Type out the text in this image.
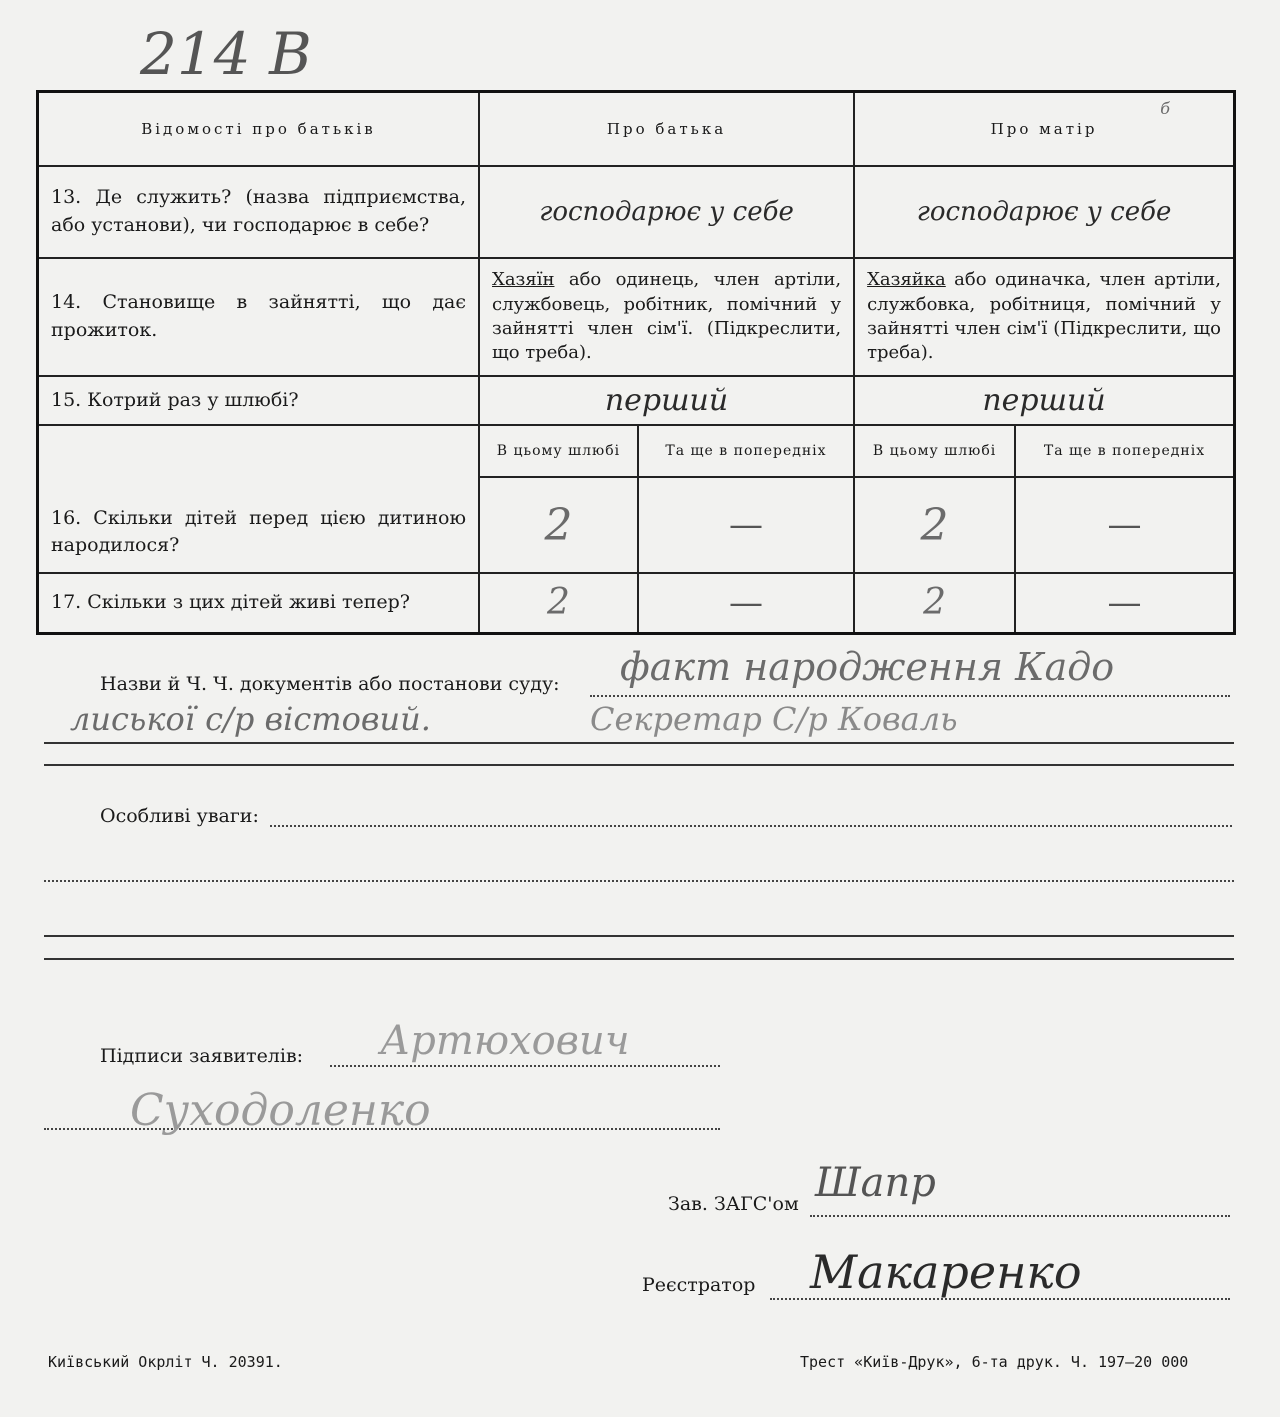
214 В
Відомості про батьків	Про батька		Про матір
б	

13. Де служить? (назва підприємства, або установи), чи господарює в себе?	господарює у себе		господарює у себе	
14. Становище в зайнятті, що дає прожиток.	Хазяїн або одинець, член артіли, службовець, робітник, помічний у зайнятті член сім'ї. (Підкреслити, що треба).		Хазяйка або одиначка, член артіли, службовка, робітниця, помічний у зайнятті член сім'ї (Підкреслити, що треба).	
15. Котрий раз у шлюбі?	перший		перший	
16. Скільки дітей перед цією дитиною народилося?	В цьому шлюбі	Та ще в попередніх	В цьому шлюбі	Та ще в попередніх
	2	—	2	—
17. Скільки з цих дітей живі тепер?	2	—	2	—
Назви й Ч. Ч. документів або постанови суду: факт народження Кадо
лиської с/р вістовий.	Секретар С/р Коваль
Особливі уваги:
Підписи заявителів: Артюхович
Суходоленко
Зав. ЗАГС'ом Шапр
Реєстратор Макаренко
Київський Окрліт Ч. 20391.	Трест «Київ-Друк», 6-та друк. Ч. 197—20 000
